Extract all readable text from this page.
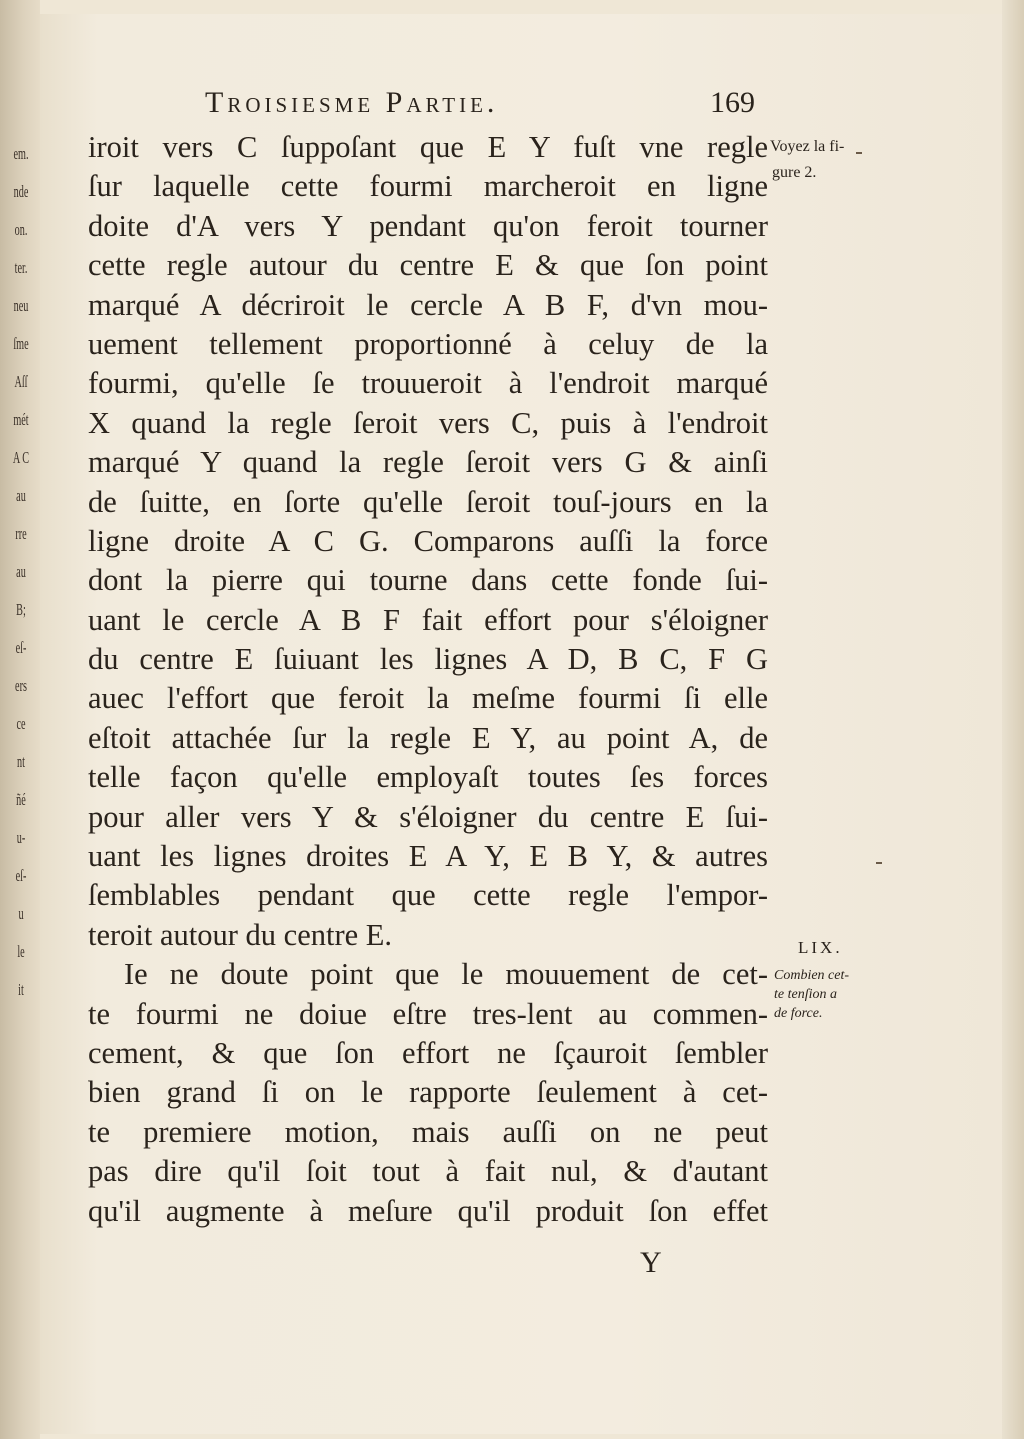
em.
nde
on.
ter.
neu
ſme
Aſſ
mét
A C
au
rre
au
B;
eſ-
ers
ce
nt
ñé
u-
eſ-
u
le
it
Troisiesme Partie.	169
iroit vers C ſuppoſant que E Y fuſt vne regle
ſur laquelle cette fourmi marcheroit en ligne
doite d'A vers Y pendant qu'on feroit tourner
cette regle autour du centre E & que ſon point
marqué A décriroit le cercle A B F, d'vn mou-
uement tellement proportionné à celuy de la
fourmi, qu'elle ſe trouueroit à l'endroit marqué
X quand la regle ſeroit vers C, puis à l'endroit
marqué Y quand la regle ſeroit vers G & ainſi
de ſuitte, en ſorte qu'elle ſeroit touſ-jours en la
ligne droite A C G. Comparons auſſi la force
dont la pierre qui tourne dans cette fonde ſui-
uant le cercle A B F fait effort pour s'éloigner
du centre E ſuiuant les lignes A D, B C, F G
auec l'effort que feroit la meſme fourmi ſi elle
eſtoit attachée ſur la regle E Y, au point A, de
telle façon qu'elle employaſt toutes ſes forces
pour aller vers Y & s'éloigner du centre E ſui-
uant les lignes droites E A Y, E B Y, & autres
ſemblables pendant que cette regle l'empor-
teroit autour du centre E.
Ie ne doute point que le mouuement de cet-
te fourmi ne doiue eſtre tres-lent au commen-
cement, & que ſon effort ne ſçauroit ſembler
bien grand ſi on le rapporte ſeulement à cet-
te premiere motion, mais auſſi on ne peut
pas dire qu'il ſoit tout à fait nul, & d'autant
qu'il augmente à meſure qu'il produit ſon effet
Voyez la fi-
gure 2.
LIX.
Combien cet-
te tenſion a
de force.
Y
